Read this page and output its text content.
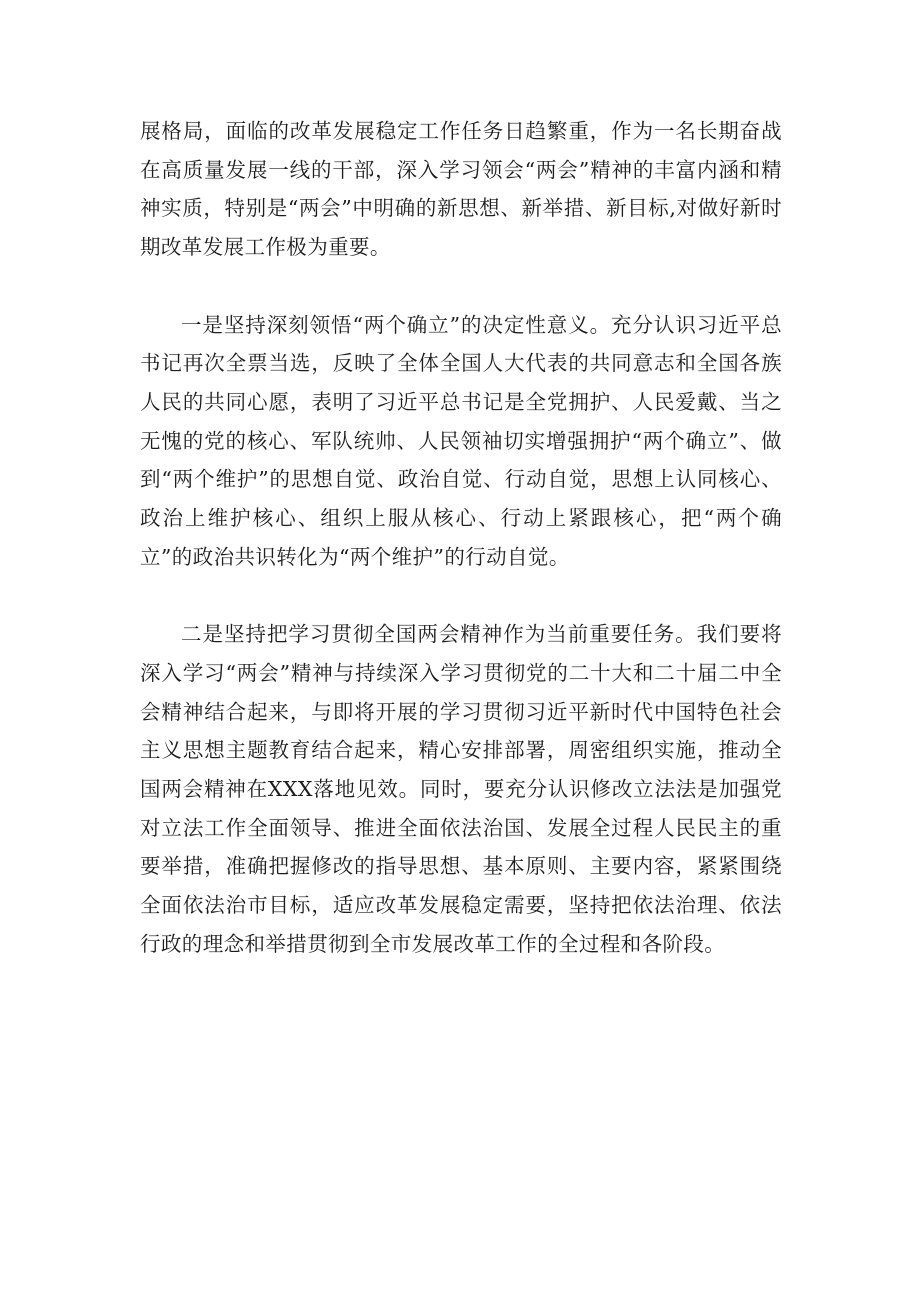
展格局，面临的改革发展稳定工作任务日趋繁重，作为一名长期奋战在高质量发展一线的干部，深入学习领会“两会”精神的丰富内涵和精神实质，特别是“两会”中明确的新思想、新举措、新目标,对做好新时期改革发展工作极为重要。

一是坚持深刻领悟“两个确立”的决定性意义。充分认识习近平总书记再次全票当选，反映了全体全国人大代表的共同意志和全国各族人民的共同心愿，表明了习近平总书记是全党拥护、人民爱戴、当之无愧的党的核心、军队统帅、人民领袖切实增强拥护“两个确立”、做到“两个维护”的思想自觉、政治自觉、行动自觉，思想上认同核心、政治上维护核心、组织上服从核心、行动上紧跟核心，把“两个确立”的政治共识转化为“两个维护”的行动自觉。

二是坚持把学习贯彻全国两会精神作为当前重要任务。我们要将深入学习“两会”精神与持续深入学习贯彻党的二十大和二十届二中全会精神结合起来，与即将开展的学习贯彻习近平新时代中国特色社会主义思想主题教育结合起来，精心安排部署，周密组织实施，推动全国两会精神在XXX落地见效。同时，要充分认识修改立法法是加强党对立法工作全面领导、推进全面依法治国、发展全过程人民民主的重要举措，准确把握修改的指导思想、基本原则、主要内容，紧紧围绕全面依法治市目标，适应改革发展稳定需要，坚持把依法治理、依法行政的理念和举措贯彻到全市发展改革工作的全过程和各阶段。
